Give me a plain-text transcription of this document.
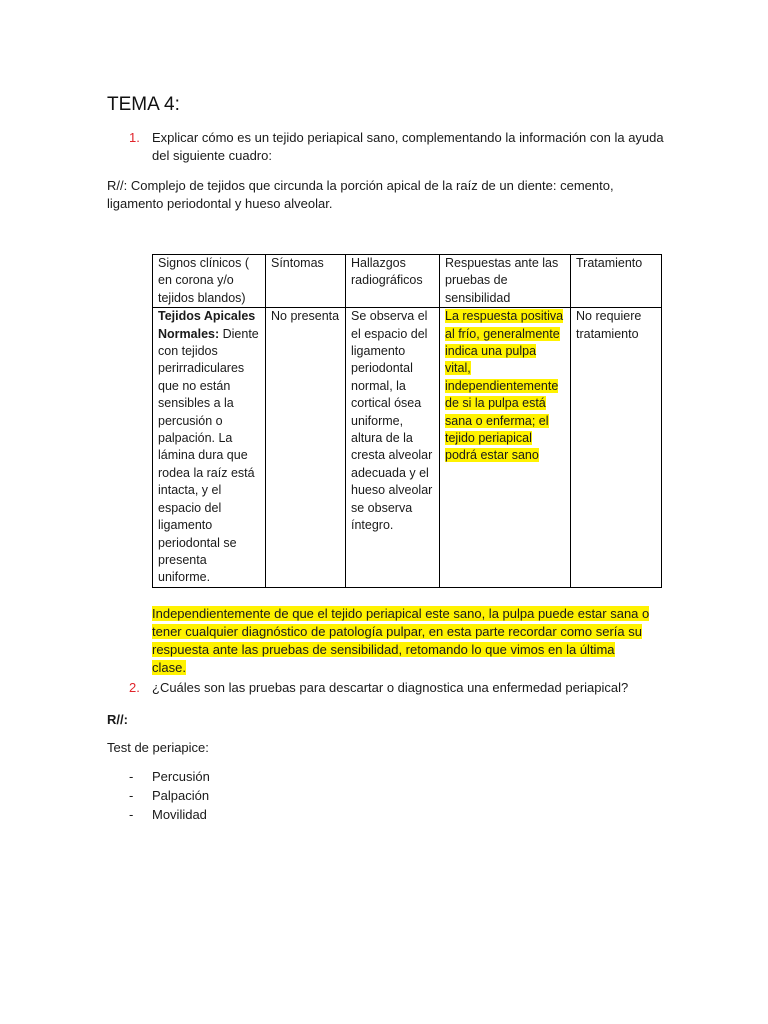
TEMA 4:
1. Explicar cómo es un tejido periapical sano, complementando la información con la ayuda del siguiente cuadro:

R//: Complejo de tejidos que circunda la porción apical de la raíz de un diente: cemento, ligamento periodontal y hueso alveolar.

Signos clínicos ( en corona y/o tejidos blandos)	Síntomas	Hallazgos radiográficos	Respuestas ante las pruebas de sensibilidad	Tratamiento
Tejidos Apicales Normales: Diente con tejidos perirradiculares que no están sensibles a la percusión o palpación. La lámina dura que rodea la raíz está intacta, y el espacio del ligamento periodontal se presenta uniforme.	No presenta	Se observa el el espacio del ligamento periodontal normal, la cortical ósea uniforme, altura de la cresta alveolar adecuada y el hueso alveolar se observa íntegro.	La respuesta positiva al frío, generalmente indica una pulpa vital, independientemente de si la pulpa está sana o enferma; el tejido periapical podrá estar sano	No requiere tratamiento

Independientemente de que el tejido periapical este sano, la pulpa puede estar sana o tener cualquier diagnóstico de patología pulpar, en esta parte recordar como sería su respuesta ante las pruebas de sensibilidad, retomando lo que vimos en la última clase.

2. ¿Cuáles son las pruebas para descartar o diagnostica una enfermedad periapical?

R//:

Test de periapice:

- Percusión
- Palpación
- Movilidad
